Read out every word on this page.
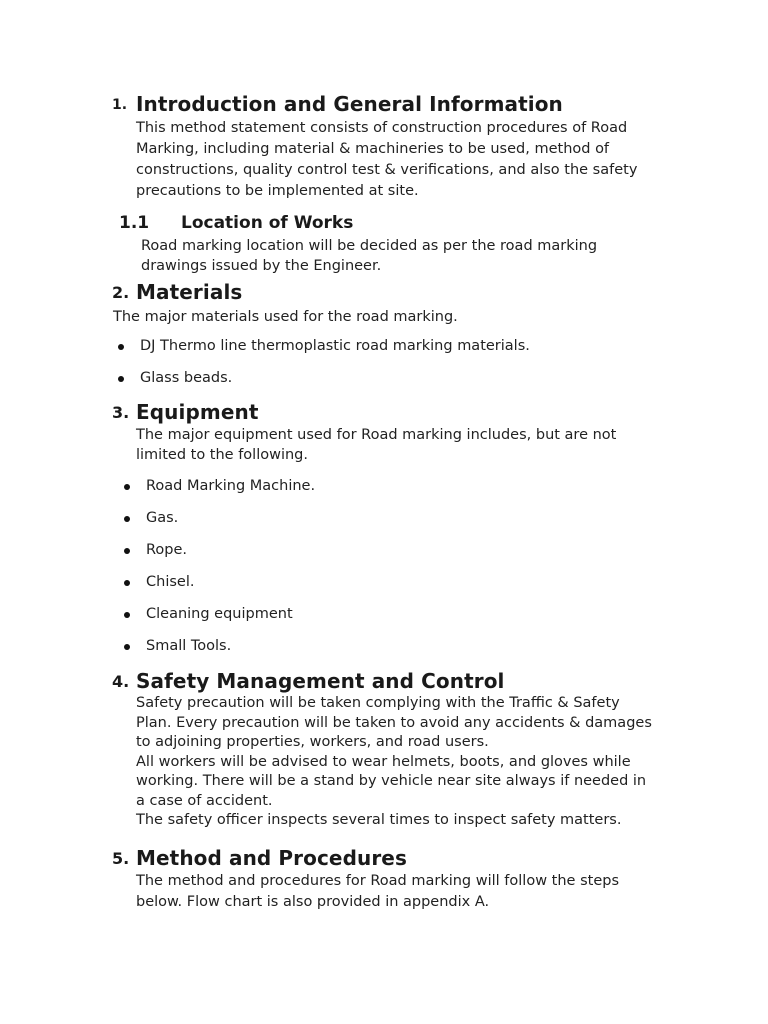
1. Introduction and General Information
This method statement consists of construction procedures of Road
Marking, including material & machineries to be used, method of
constructions, quality control test & verifications, and also the safety
precautions to be implemented at site.
1.1 Location of Works
Road marking location will be decided as per the road marking
drawings issued by the Engineer.
2. Materials
The major materials used for the road marking.
DJ Thermo line thermoplastic road marking materials.
Glass beads.
3. Equipment
The major equipment used for Road marking includes, but are not
limited to the following.
Road Marking Machine.
Gas.
Rope.
Chisel.
Cleaning equipment
Small Tools.
4. Safety Management and Control
Safety precaution will be taken complying with the Traffic & Safety
Plan. Every precaution will be taken to avoid any accidents & damages
to adjoining properties, workers, and road users.
All workers will be advised to wear helmets, boots, and gloves while
working. There will be a stand by vehicle near site always if needed in
a case of accident.
The safety officer inspects several times to inspect safety matters.
5. Method and Procedures
The method and procedures for Road marking will follow the steps
below. Flow chart is also provided in appendix A.
